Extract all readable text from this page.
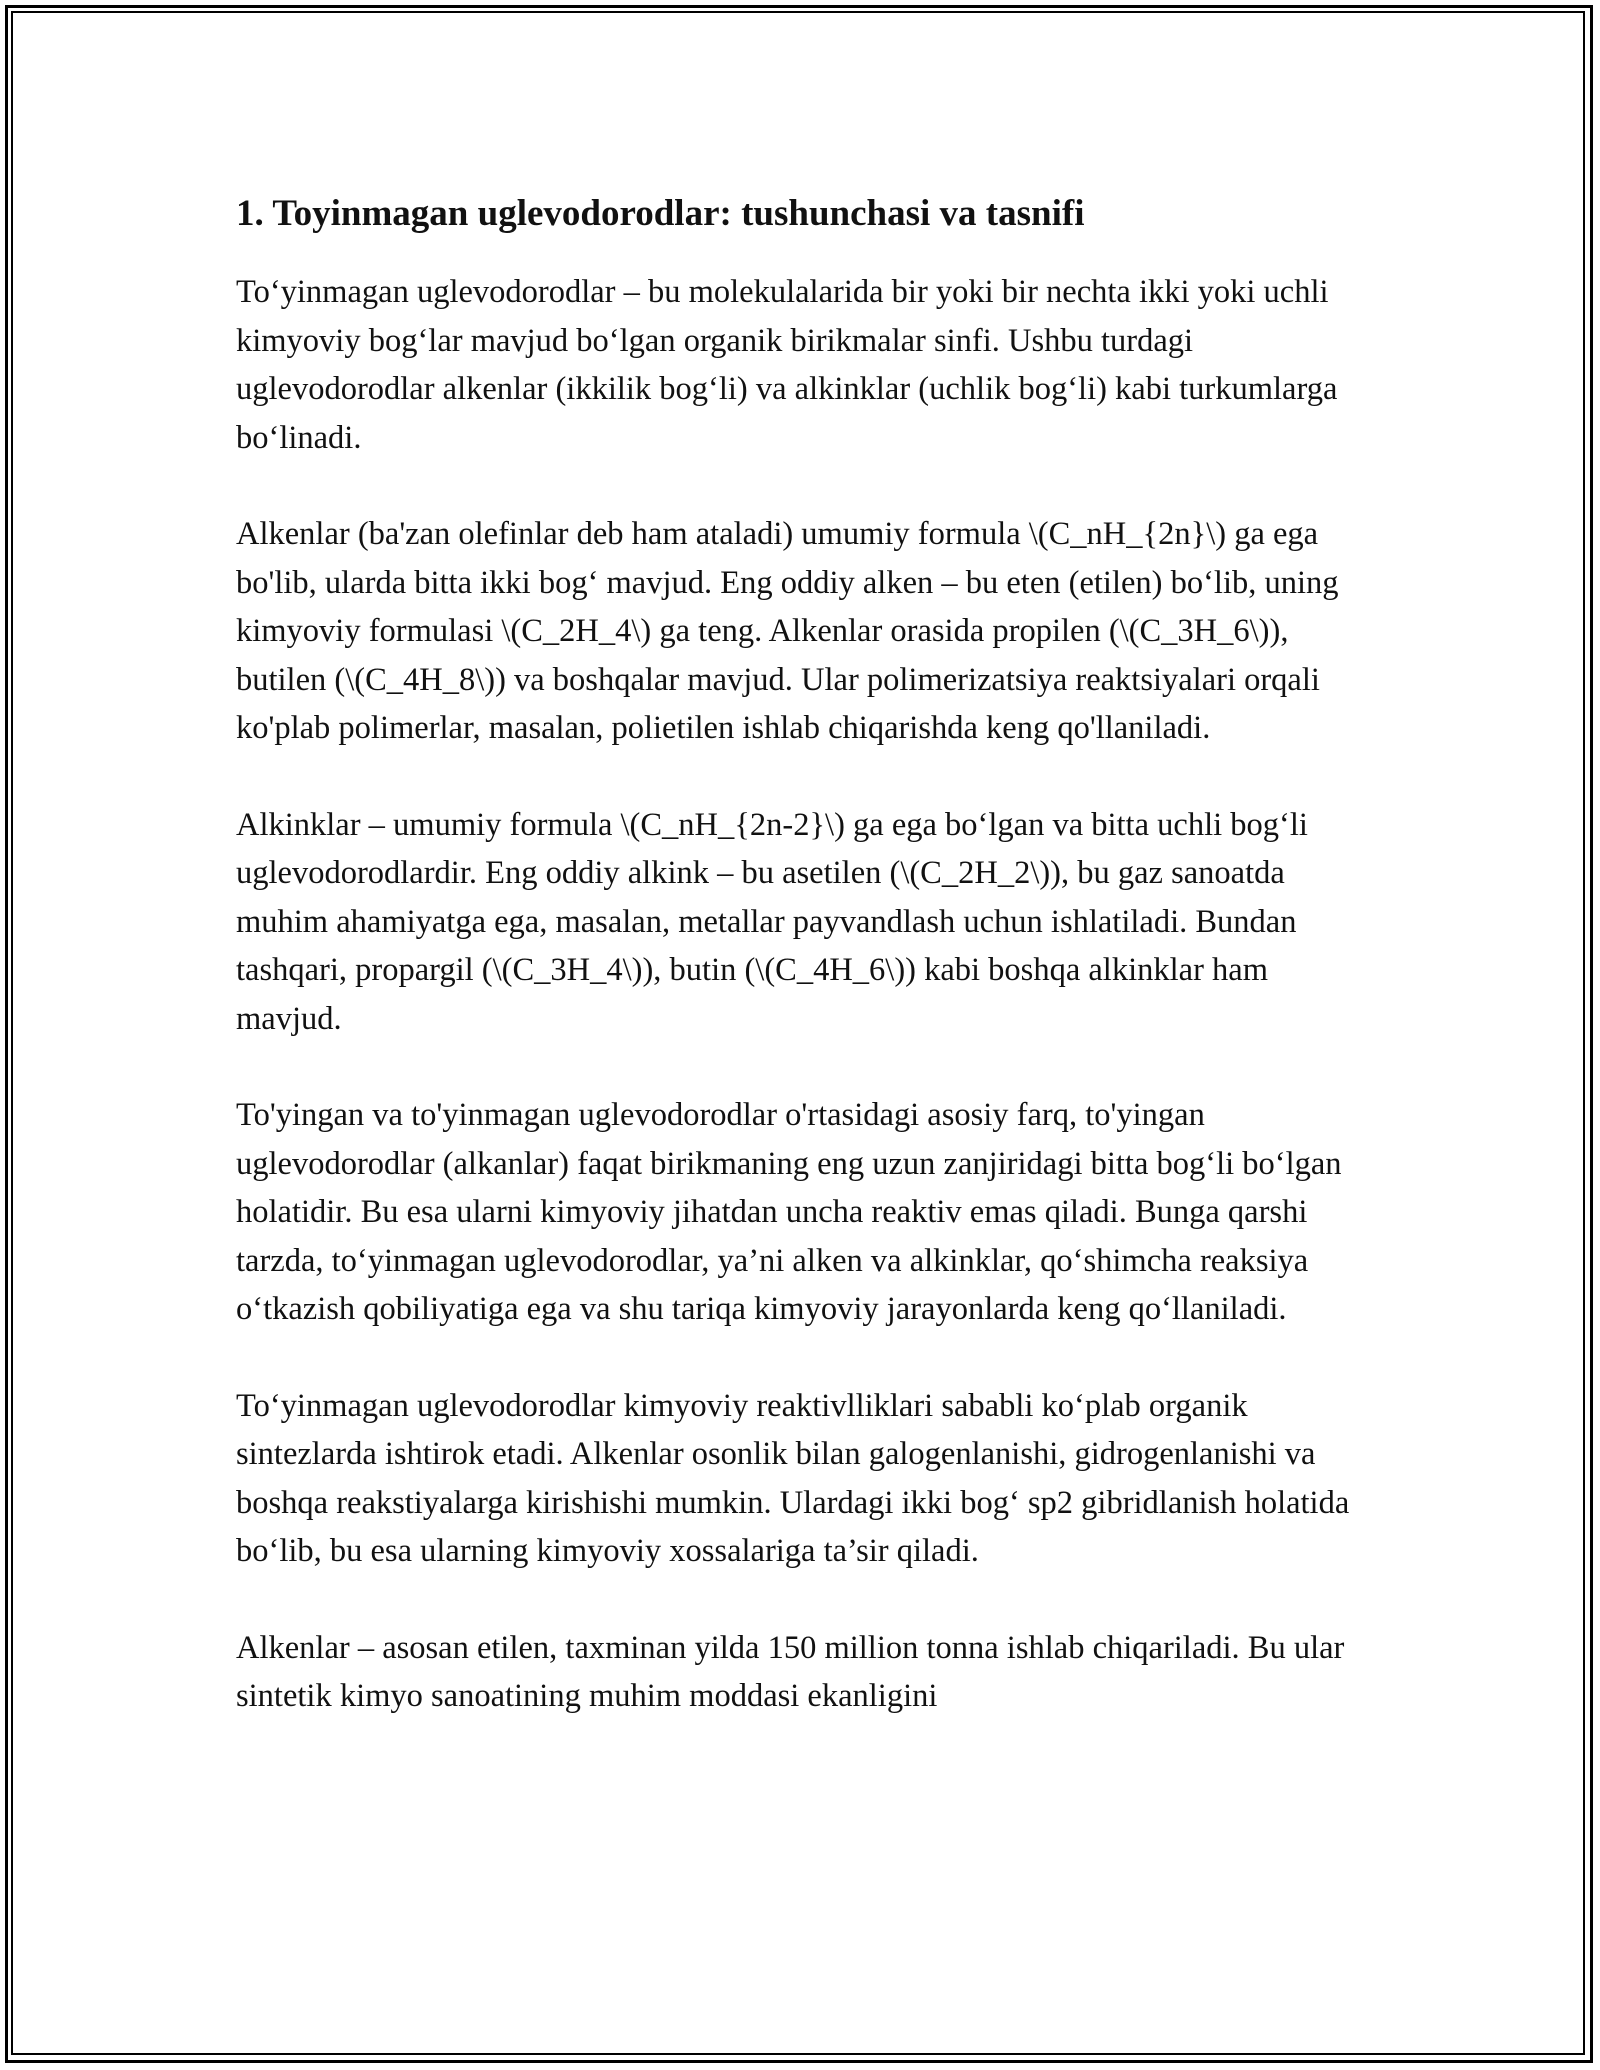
1. Toyinmagan uglevodorodlar: tushunchasi va tasnifi

To‘yinmagan uglevodorodlar – bu molekulalarida bir yoki bir nechta ikki yoki uchli kimyoviy bog‘lar mavjud bo‘lgan organik birikmalar sinfi. Ushbu turdagi uglevodorodlar alkenlar (ikkilik bog‘li) va alkinklar (uchlik bog‘li) kabi turkumlarga bo‘linadi.

Alkenlar (ba'zan olefinlar deb ham ataladi) umumiy formula \(C_nH_{2n}\) ga ega bo'lib, ularda bitta ikki bog‘ mavjud. Eng oddiy alken – bu eten (etilen) bo‘lib, uning kimyoviy formulasi \(C_2H_4\) ga teng. Alkenlar orasida propilen (\(C_3H_6\)), butilen (\(C_4H_8\)) va boshqalar mavjud. Ular polimerizatsiya reaktsiyalari orqali ko'plab polimerlar, masalan, polietilen ishlab chiqarishda keng qo'llaniladi.

Alkinklar – umumiy formula \(C_nH_{2n-2}\) ga ega bo‘lgan va bitta uchli bog‘li uglevodorodlardir. Eng oddiy alkink – bu asetilen (\(C_2H_2\)), bu gaz sanoatda muhim ahamiyatga ega, masalan, metallar payvandlash uchun ishlatiladi. Bundan tashqari, propargil (\(C_3H_4\)), butin (\(C_4H_6\)) kabi boshqa alkinklar ham mavjud.

To'yingan va to'yinmagan uglevodorodlar o'rtasidagi asosiy farq, to'yingan uglevodorodlar (alkanlar) faqat birikmaning eng uzun zanjiridagi bitta bog‘li bo‘lgan holatidir. Bu esa ularni kimyoviy jihatdan uncha reaktiv emas qiladi. Bunga qarshi tarzda, to‘yinmagan uglevodorodlar, ya’ni alken va alkinklar, qo‘shimcha reaksiya o‘tkazish qobiliyatiga ega va shu tariqa kimyoviy jarayonlarda keng qo‘llaniladi.

To‘yinmagan uglevodorodlar kimyoviy reaktivlliklari sababli ko‘plab organik sintezlarda ishtirok etadi. Alkenlar osonlik bilan galogenlanishi, gidrogenlanishi va boshqa reakstiyalarga kirishishi mumkin. Ulardagi ikki bog‘ sp2 gibridlanish holatida bo‘lib, bu esa ularning kimyoviy xossalariga ta’sir qiladi.

Alkenlar – asosan etilen, taxminan yilda 150 million tonna ishlab chiqariladi. Bu ular sintetik kimyo sanoatining muhim moddasi ekanligini
